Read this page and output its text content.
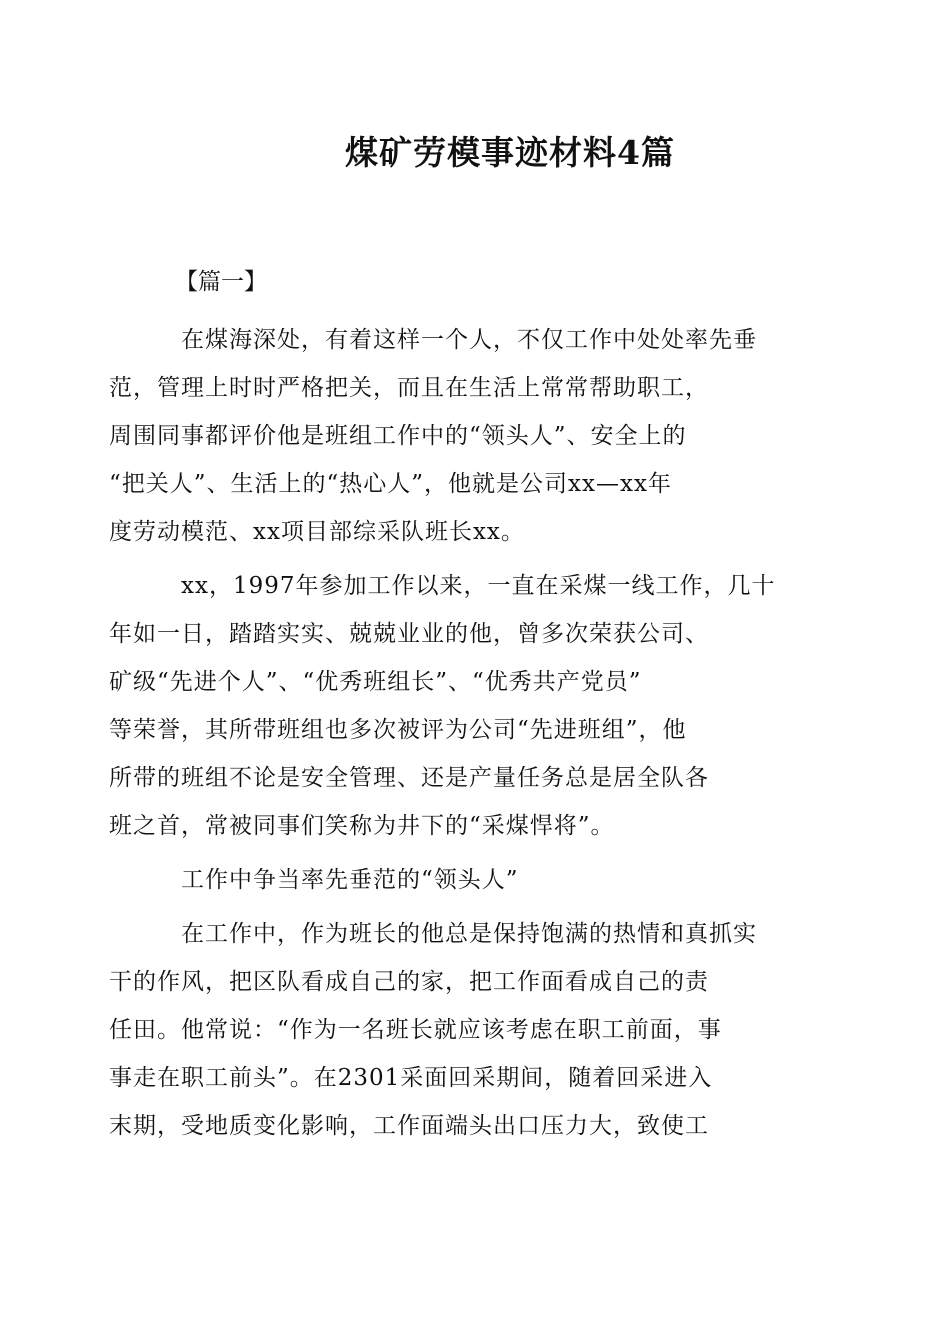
煤矿劳模事迹材料4篇
【篇一】
在煤海深处，有着这样一个人，不仅工作中处处率先垂
范，管理上时时严格把关，而且在生活上常常帮助职工，
周围同事都评价他是班组工作中的“领头人”、安全上的
“把关人”、生活上的“热心人”，他就是公司xx—xx年
度劳动模范、xx项目部综采队班长xx。
xx，1997年参加工作以来，一直在采煤一线工作，几十
年如一日，踏踏实实、兢兢业业的他，曾多次荣获公司、
矿级“先进个人”、“优秀班组长”、“优秀共产党员”
等荣誉，其所带班组也多次被评为公司“先进班组”，他
所带的班组不论是安全管理、还是产量任务总是居全队各
班之首，常被同事们笑称为井下的“采煤悍将”。
工作中争当率先垂范的“领头人”
在工作中，作为班长的他总是保持饱满的热情和真抓实
干的作风，把区队看成自己的家，把工作面看成自己的责
任田。他常说：“作为一名班长就应该考虑在职工前面，事
事走在职工前头”。在2301采面回采期间，随着回采进入
末期，受地质变化影响，工作面端头出口压力大，致使工
